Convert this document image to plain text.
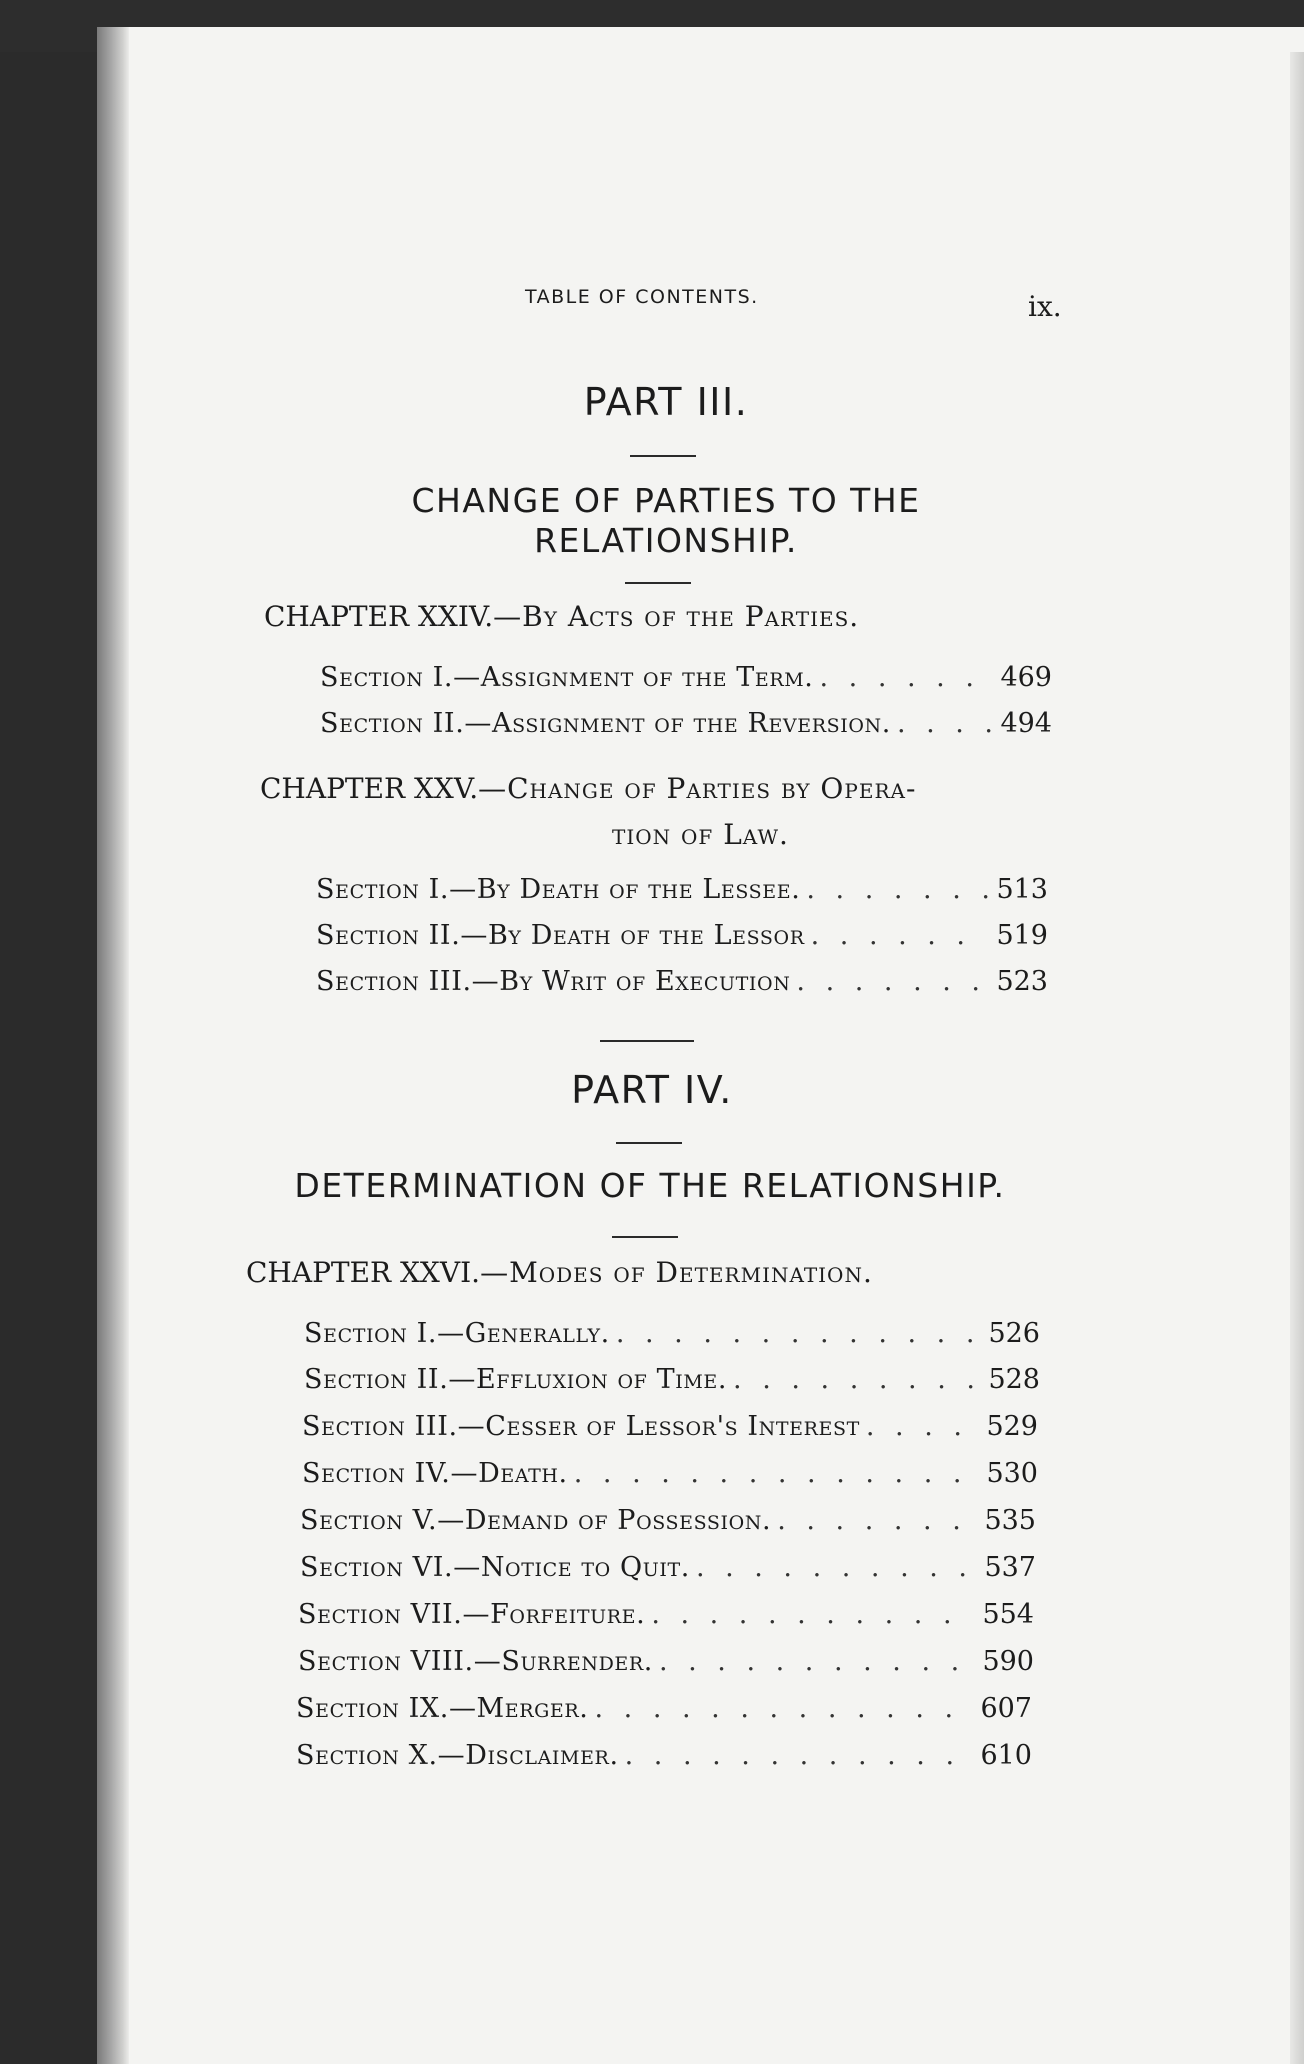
TABLE OF CONTENTS.	ix.
PART III.
CHANGE OF PARTIES TO THE
RELATIONSHIP.
CHAPTER XXIV.—By Acts of the Parties.
Section I. —Assignment of the Term. . . .	469
Section II. —Assignment of the Reversion. . . .	494
CHAPTER XXV.—Change of Parties by Opera-
tion of Law.
Section I. —By Death of the Lessee. . . .	513
Section II. —By Death of the Lessor . . .	519
Section III. —By Writ of Execution . . .	523
PART IV.
DETERMINATION OF THE RELATIONSHIP.
CHAPTER XXVI.—Modes of Determination.
Section I. —Generally. . . .	526
Section II. —Effluxion of Time. . . .	528
Section III. —Cesser of Lessor's Interest . . .	529
Section IV. —Death. . . .	530
Section V. —Demand of Possession. . . .	535
Section VI. —Notice to Quit. . . .	537
Section VII. —Forfeiture. . . .	554
Section VIII. —Surrender. . . .	590
Section IX. —Merger. . . .	607
Section X. —Disclaimer. . . .	610
